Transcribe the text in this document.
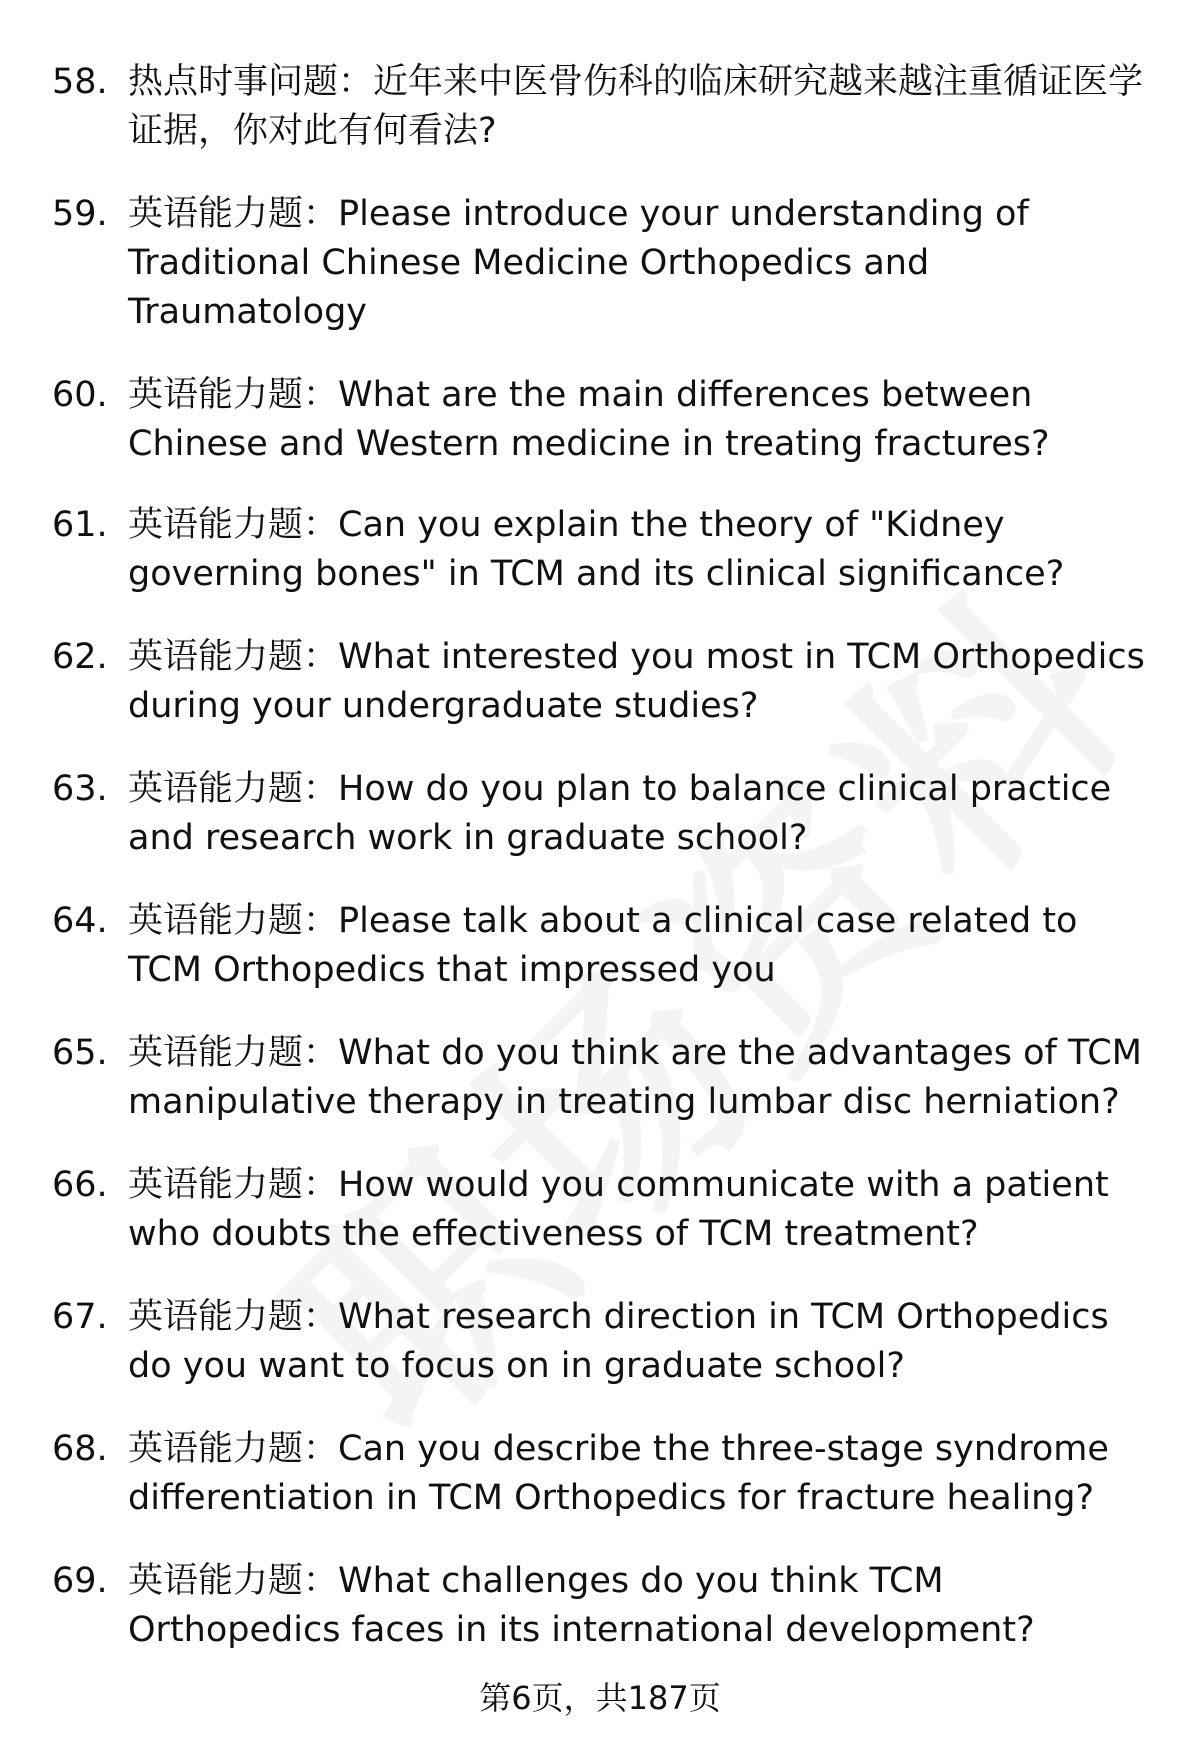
58. 热点时事问题：近年来中医骨伤科的临床研究越来越注重循证医学证据，你对此有何看法?
59. 英语能力题：Please introduce your understanding of Traditional Chinese Medicine Orthopedics and Traumatology
60. 英语能力题：What are the main differences between Chinese and Western medicine in treating fractures?
61. 英语能力题：Can you explain the theory of "Kidney governing bones" in TCM and its clinical significance?
62. 英语能力题：What interested you most in TCM Orthopedics during your undergraduate studies?
63. 英语能力题：How do you plan to balance clinical practice and research work in graduate school?
64. 英语能力题：Please talk about a clinical case related to TCM Orthopedics that impressed you
65. 英语能力题：What do you think are the advantages of TCM manipulative therapy in treating lumbar disc herniation?
66. 英语能力题：How would you communicate with a patient who doubts the effectiveness of TCM treatment?
67. 英语能力题：What research direction in TCM Orthopedics do you want to focus on in graduate school?
68. 英语能力题：Can you describe the three-stage syndrome differentiation in TCM Orthopedics for fracture healing?
69. 英语能力题：What challenges do you think TCM Orthopedics faces in its international development?
第6页，共187页
